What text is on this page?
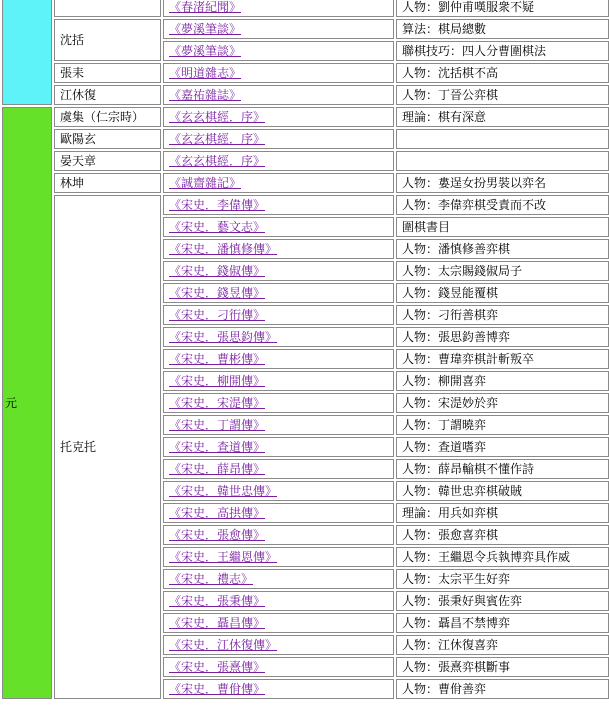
		《春渚紀聞》	人物：劉仲甫嘆服衆不疑
	沈括	《夢溪筆談》	算法：棋局總數
		《夢溪筆談》	聯棋技巧：四人分曹圍棋法
	張耒	《明道雜志》	人物：沈括棋不高
	江休復	《嘉祐雜誌》	人物：丁晉公弈棋
元	虞集（仁宗時）	《玄玄棋經．序》	理論：棋有深意
	歐陽玄	《玄玄棋經．序》	
	晏天章	《玄玄棋經．序》	
	林坤	《誠齋雜記》	人物：婁逞女扮男裝以弈名
	托克托	《宋史．李偉傳》	人物：李偉弈棋受責而不改
		《宋史．藝文志》	圍棋書目
		《宋史．潘慎修傳》	人物：潘慎修善弈棋
		《宋史．錢俶傳》	人物：太宗賜錢俶局子
		《宋史．錢昱傳》	人物：錢昱能覆棋
		《宋史．刁衎傳》	人物：刁衎善棋弈
		《宋史．張思鈞傳》	人物：張思鈞善博弈
		《宋史．曹彬傳》	人物：曹瑋弈棋計斬叛卒
		《宋史．柳開傳》	人物：柳開喜弈
		《宋史．宋湜傳》	人物：宋湜妙於弈
		《宋史．丁謂傳》	人物：丁謂曉弈
		《宋史．查道傳》	人物：查道嗜弈
		《宋史．薛昂傳》	人物：薛昂輸棋不懂作詩
		《宋史．韓世忠傳》	人物：韓世忠弈棋破賊
		《宋史．高拱傳》	理論：用兵如弈棋
		《宋史．張愈傳》	人物：張愈喜弈棋
		《宋史．王繼恩傳》	人物：王繼恩令兵執博弈具作威
		《宋史．禮志》	人物：太宗平生好弈
		《宋史．張秉傳》	人物：張秉好與賓佐弈
		《宋史．聶昌傳》	人物：聶昌不禁博弈
		《宋史．江休復傳》	人物：江休復喜弈
		《宋史．張熹傳》	人物：張熹弈棋斷事
		《宋史．曹佾傳》	人物：曹佾善弈
